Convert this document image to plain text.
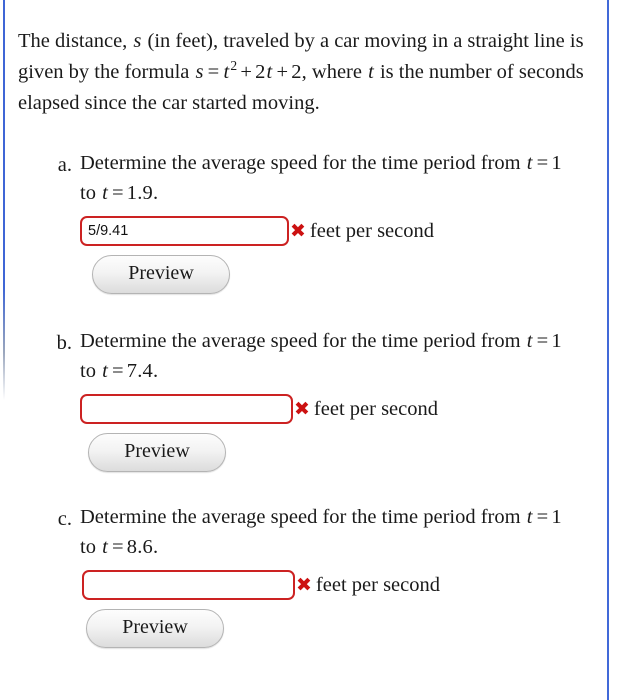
The distance, s (in feet), traveled by a car moving in a straight line is given by the formula $s = t^2 + 2t + 2$, where t is the number of seconds elapsed since the car started moving.

a. Determine the average speed for the time period from t = 1 to t = 1.9.
5/9.41
✖ feet per second
Preview
b. Determine the average speed for the time period from t = 1 to t = 7.4.
✖ feet per second
Preview
c. Determine the average speed for the time period from t = 1 to t = 8.6.
✖ feet per second
Preview
